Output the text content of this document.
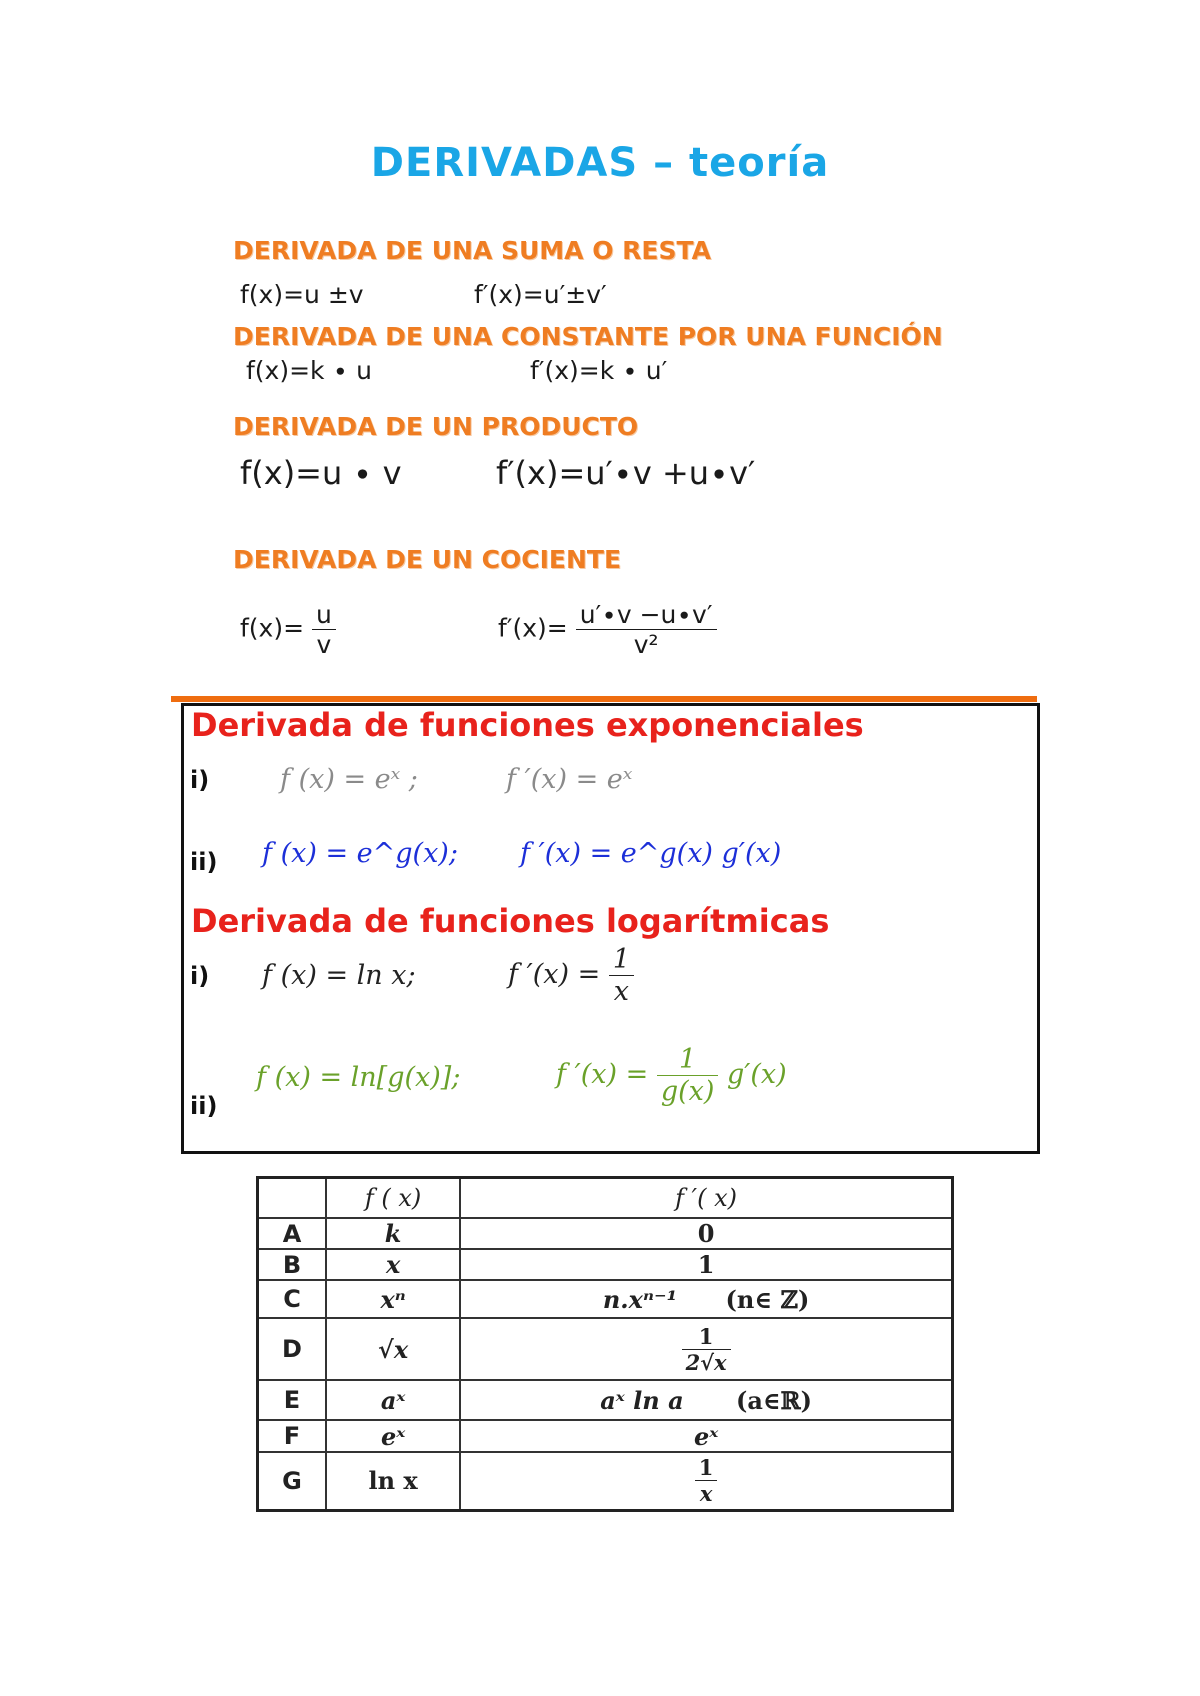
DERIVADAS – teoría
DERIVADA DE UNA SUMA O RESTA
f(x)=u ±v	f′(x)=u′±v′
DERIVADA DE UNA CONSTANTE POR UNA FUNCIÓN
f(x)=k ∙ u	f′(x)=k ∙ u′
DERIVADA DE UN PRODUCTO
f(x)=u ∙ v	f′(x)=u′∙v +u∙v′
DERIVADA DE UN COCIENTE
$f(x)= \frac{u}{v}$	$f'(x)= \frac{u'\cdot v -u\cdot v'}{\text{v²}}$
Derivada de funciones exponenciales
i)	f (x) = eˣ ;	f ′(x) = eˣ
ii) f (x) = e^g(x); f ′(x) = e^g(x) g′(x)
Derivada de funciones logarítmicas
i) f (x) = ln x;	f $'(x) = \frac{1}{x}$
ii)
f (x) = ln[g(x)];	f $'(x) = \frac{1}{g(x)} g'(x)$
	f ( x)	f ′( x)
A	k	0
B	x	1
C	xⁿ	n.xⁿ⁻¹ (n∈ ℤ)
D	√x	$\frac{1}{2√x}$

E	aˣ	aˣ ln a (a∈ℝ)
F	eˣ	eˣ
G	ln x	$\frac{1}{x}$
